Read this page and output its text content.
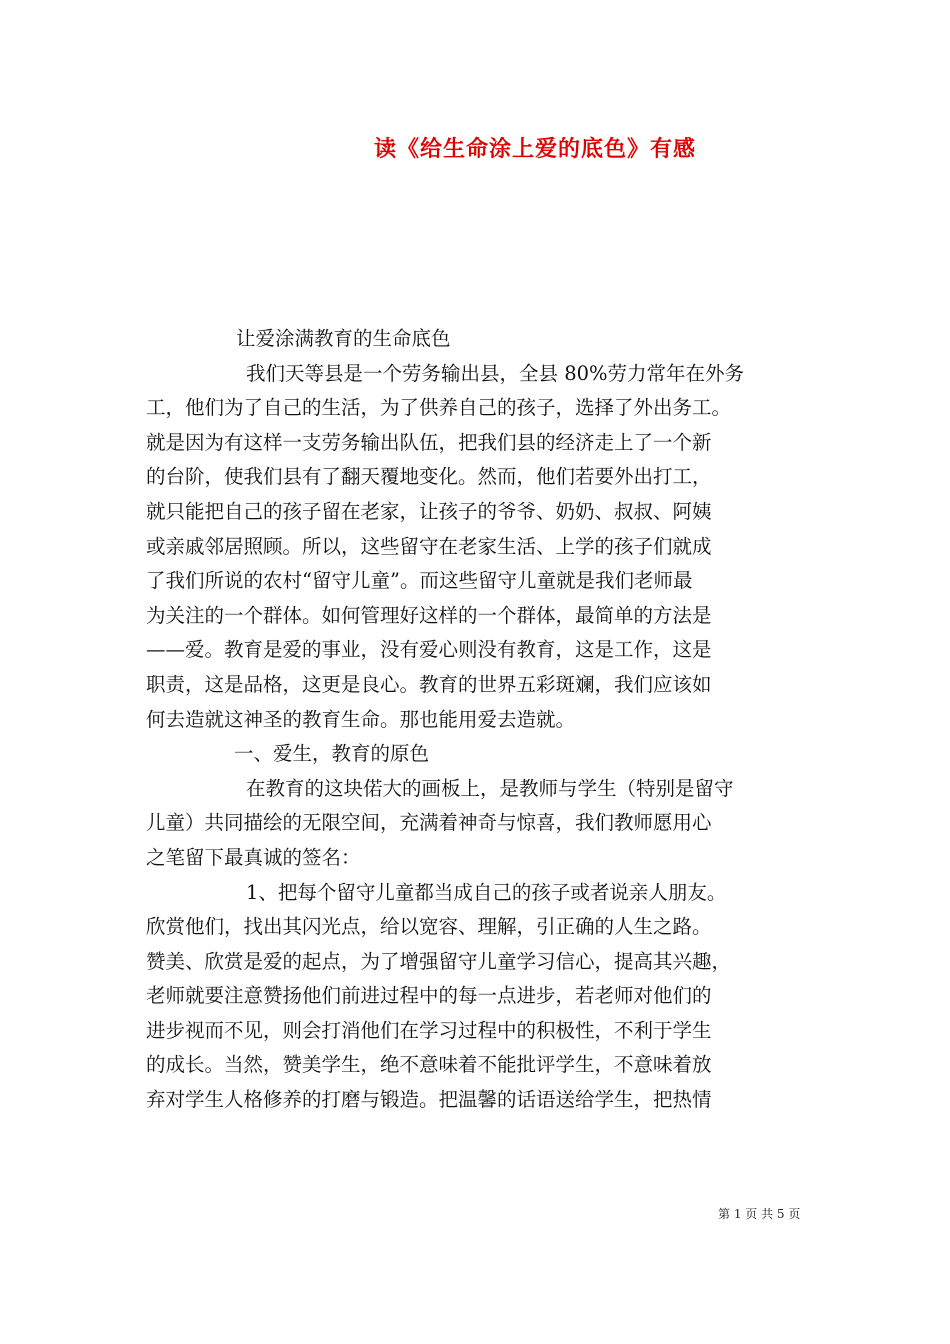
读《给生命涂上爱的底色》有感
让爱涂满教育的生命底色
我们天等县是一个劳务输出县，全县 80%劳力常年在外务
工，他们为了自己的生活，为了供养自己的孩子，选择了外出务工。
就是因为有这样一支劳务输出队伍，把我们县的经济走上了一个新
的台阶，使我们县有了翻天覆地变化。然而，他们若要外出打工，
就只能把自己的孩子留在老家，让孩子的爷爷、奶奶、叔叔、阿姨
或亲戚邻居照顾。所以，这些留守在老家生活、上学的孩子们就成
了我们所说的农村“留守儿童”。而这些留守儿童就是我们老师最
为关注的一个群体。如何管理好这样的一个群体，最简单的方法是
——爱。教育是爱的事业，没有爱心则没有教育，这是工作，这是
职责，这是品格，这更是良心。教育的世界五彩斑斓，我们应该如
何去造就这神圣的教育生命。那也能用爱去造就。
一、爱生，教育的原色
在教育的这块偌大的画板上，是教师与学生（特别是留守
儿童）共同描绘的无限空间，充满着神奇与惊喜，我们教师愿用心
之笔留下最真诚的签名：
1、把每个留守儿童都当成自己的孩子或者说亲人朋友。
欣赏他们，找出其闪光点，给以宽容、理解，引正确的人生之路。
赞美、欣赏是爱的起点，为了增强留守儿童学习信心，提高其兴趣，
老师就要注意赞扬他们前进过程中的每一点进步，若老师对他们的
进步视而不见，则会打消他们在学习过程中的积极性，不利于学生
的成长。当然，赞美学生，绝不意味着不能批评学生，不意味着放
弃对学生人格修养的打磨与锻造。把温馨的话语送给学生，把热情
第 1 页 共 5 页
